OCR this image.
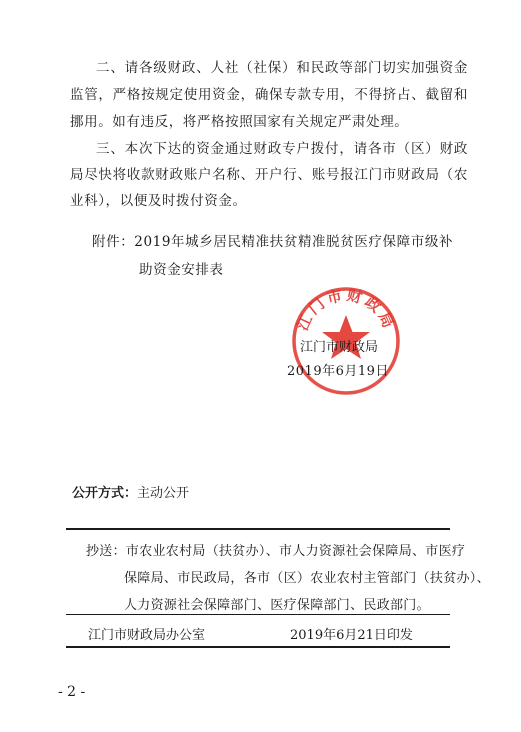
二、请各级财政、人社（社保）和民政等部门切实加强资金
监管，严格按规定使用资金，确保专款专用，不得挤占、截留和
挪用。如有违反，将严格按照国家有关规定严肃处理。
三、本次下达的资金通过财政专户拨付，请各市（区）财政
局尽快将收款财政账户名称、开户行、账号报江门市财政局（农
业科），以便及时拨付资金。
附件：2019年城乡居民精准扶贫精准脱贫医疗保障市级补
助资金安排表
江门市财政局
江门市财政局
2019年6月19日
公开方式：主动公开
抄送：市农业农村局（扶贫办）、市人力资源社会保障局、市医疗
保障局、市民政局，各市（区）农业农村主管部门（扶贫办）、
人力资源社会保障部门、医疗保障部门、民政部门。
江门市财政局办公室	2019年6月21日印发
- 2 -
